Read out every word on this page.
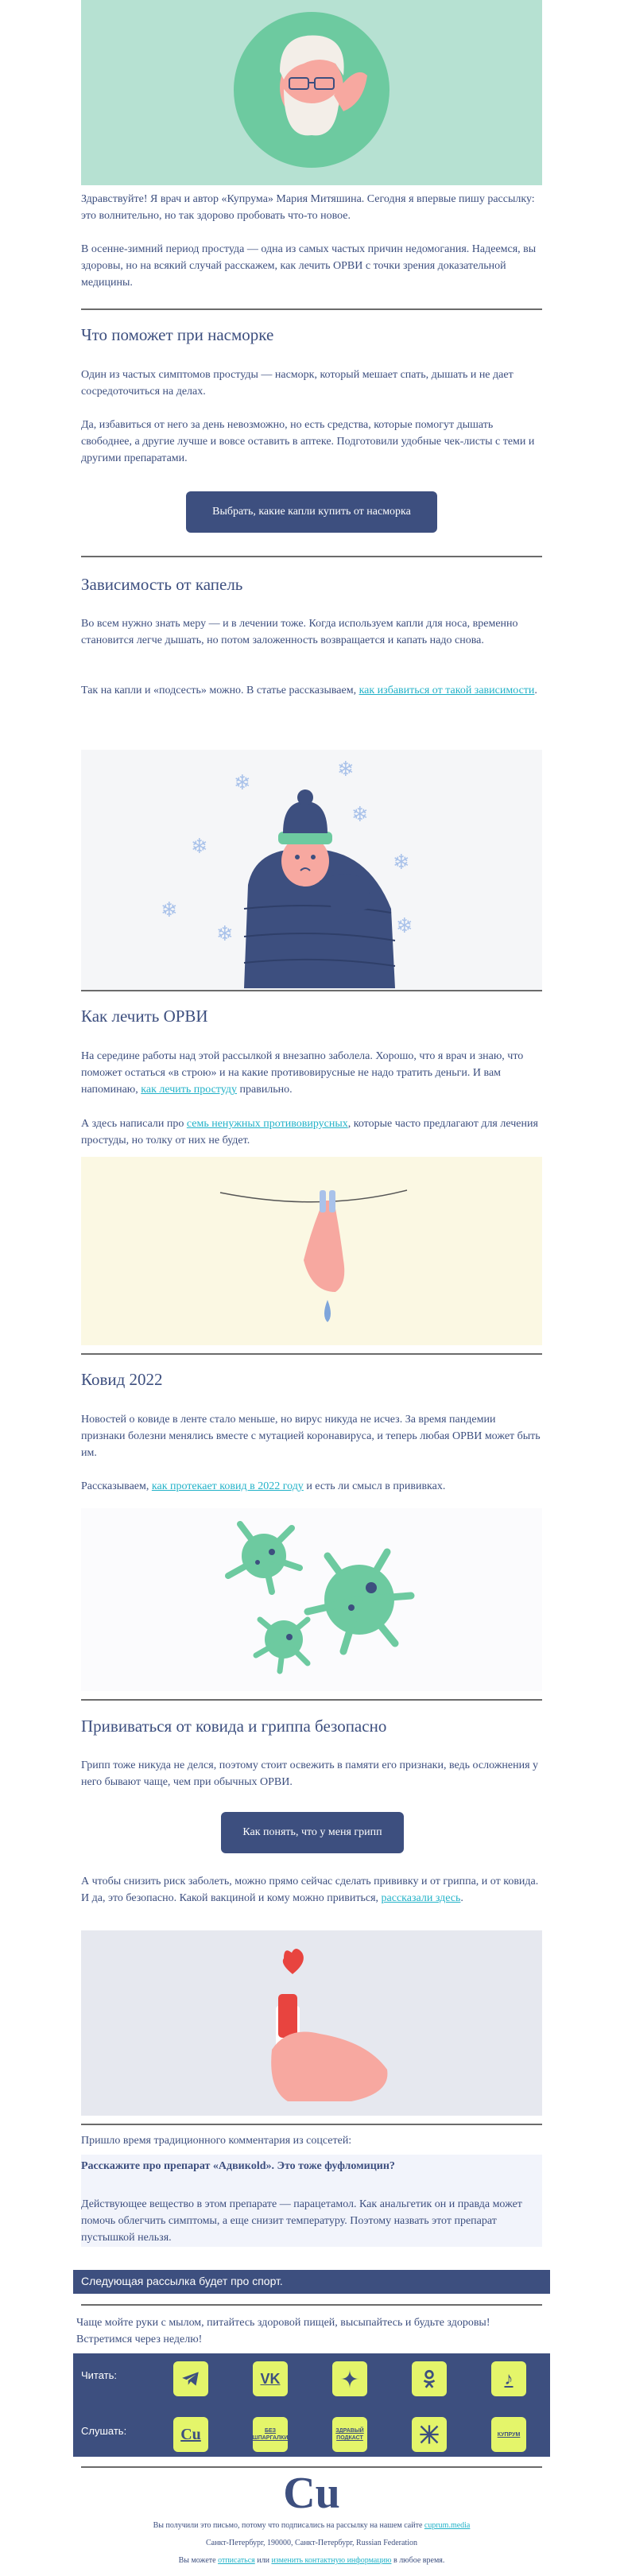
Здравствуйте! Я врач и автор «Купрума» Мария Митяшина. Сегодня я впервые пишу рассылку: это волнительно, но так здорово пробовать что-то новое.

В осенне-зимний период простуда — одна из самых частых причин недомогания. Надеемся, вы здоровы, но на всякий случай расскажем, как лечить ОРВИ с точки зрения доказательной медицины.

Что поможет при насморке

Один из частых симптомов простуды — насморк, который мешает спать, дышать и не дает сосредоточиться на делах.

Да, избавиться от него за день невозможно, но есть средства, которые помогут дышать свободнее, а другие лучше и вовсе оставить в аптеке. Подготовили удобные чек-листы с теми и другими препаратами.

Выбрать, какие капли купить от насморка
Зависимость от капель

Во всем нужно знать меру — и в лечении тоже. Когда используем капли для носа, временно становится легче дышать, но потом заложенность возвращается и капать надо снова.

Так на капли и «подсесть» можно. В статье рассказываем, как избавиться от такой зависимости.

❄
❄
❄
❄
❄
❄
❄
❄
Как лечить ОРВИ

На середине работы над этой рассылкой я внезапно заболела. Хорошо, что я врач и знаю, что поможет остаться «в строю» и на какие противовирусные не надо тратить деньги. И вам напоминаю, как лечить простуду правильно.

А здесь написали про семь ненужных противовирусных, которые часто предлагают для лечения простуды, но толку от них не будет.

Ковид 2022

Новостей о ковиде в ленте стало меньше, но вирус никуда не исчез. За время пандемии признаки болезни менялись вместе с мутацией коронавируса, и теперь любая ОРВИ может быть им.

Рассказываем, как протекает ковид в 2022 году и есть ли смысл в прививках.

Прививаться от ковида и гриппа безопасно

Грипп тоже никуда не делся, поэтому стоит освежить в памяти его признаки, ведь осложнения у него бывают чаще, чем при обычных ОРВИ.

Как понять, что у меня грипп

А чтобы снизить риск заболеть, можно прямо сейчас сделать прививку и от гриппа, и от ковида. И да, это безопасно. Какой вакциной и кому можно привиться, рассказали здесь.

Пришло время традиционного комментария из соцсетей:

Расскажите про препарат «Адвикold». Это тоже фуфломицин?

Действующее вещество в этом препарате — парацетамол. Как анальгетик он и правда может помочь облегчить симптомы, а еще снизит температуру. Поэтому назвать этот препарат пустышкой нельзя.

Следующая рассылка будет про спорт.

Чаще мойте руки с мылом, питайтесь здоровой пищей, высыпайтесь и будьте здоровы! Встретимся через неделю!

Читать:
Слушать:
VK	♪
Cu	БЕЗ ШПАРГАЛКИ
ЗДРАВЫЙ ПОДКАСТ
КУПРУМ
Cu
Вы получили это письмо, потому что подписались на рассылку на нашем сайте cuprum.media
Санкт-Петербург, 190000, Санкт-Петербург, Russian Federation
Вы можете отписаться или изменить контактную информацию в любое время.
